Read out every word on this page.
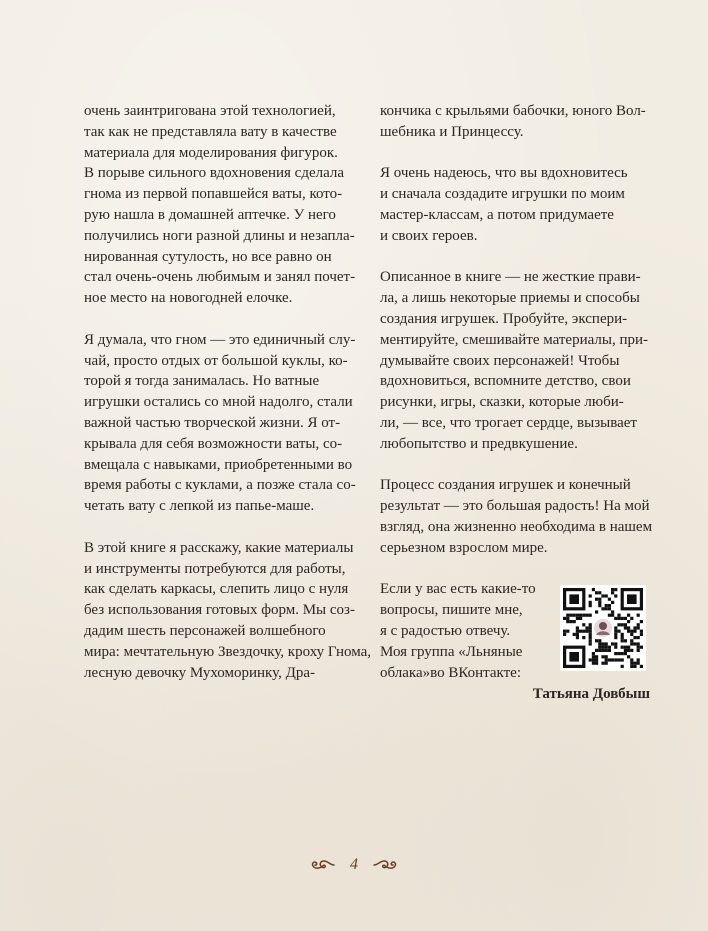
очень заинтригована этой технологией,
так как не представляла вату в качестве
материала для моделирования фигурок.
В порыве сильного вдохновения сделала
гнома из первой попавшейся ваты, кото-
рую нашла в домашней аптечке. У него
получились ноги разной длины и незапла-
нированная сутулость, но все равно он
стал очень-очень любимым и занял почет-
ное место на новогодней елочке.
Я думала, что гном — это единичный слу-
чай, просто отдых от большой куклы, ко-
торой я тогда занималась. Но ватные
игрушки остались со мной надолго, стали
важной частью творческой жизни. Я от-
крывала для себя возможности ваты, со-
вмещала с навыками, приобретенными во
время работы с куклами, а позже стала со-
четать вату с лепкой из папье-маше.
В этой книге я расскажу, какие материалы
и инструменты потребуются для работы,
как сделать каркасы, слепить лицо с нуля
без использования готовых форм. Мы соз-
дадим шесть персонажей волшебного
мира: мечтательную Звездочку, кроху Гнома,
лесную девочку Мухоморинку, Дра-
кончика с крыльями бабочки, юного Вол-
шебника и Принцессу.
Я очень надеюсь, что вы вдохновитесь
и сначала создадите игрушки по моим
мастер-классам, а потом придумаете
и своих героев.
Описанное в книге — не жесткие прави-
ла, а лишь некоторые приемы и способы
создания игрушек. Пробуйте, экспери-
ментируйте, смешивайте материалы, при-
думывайте своих персонажей! Чтобы
вдохновиться, вспомните детство, свои
рисунки, игры, сказки, которые люби-
ли, — все, что трогает сердце, вызывает
любопытство и предвкушение.
Процесс создания игрушек и конечный
результат — это большая радость! На мой
взгляд, она жизненно необходима в нашем
серьезном взрослом мире.
Если у вас есть какие-то
вопросы, пишите мне,
я с радостью отвечу.
Моя группа «Льняные
облака»во ВКонтакте:
Татьяна Довбыш
4
